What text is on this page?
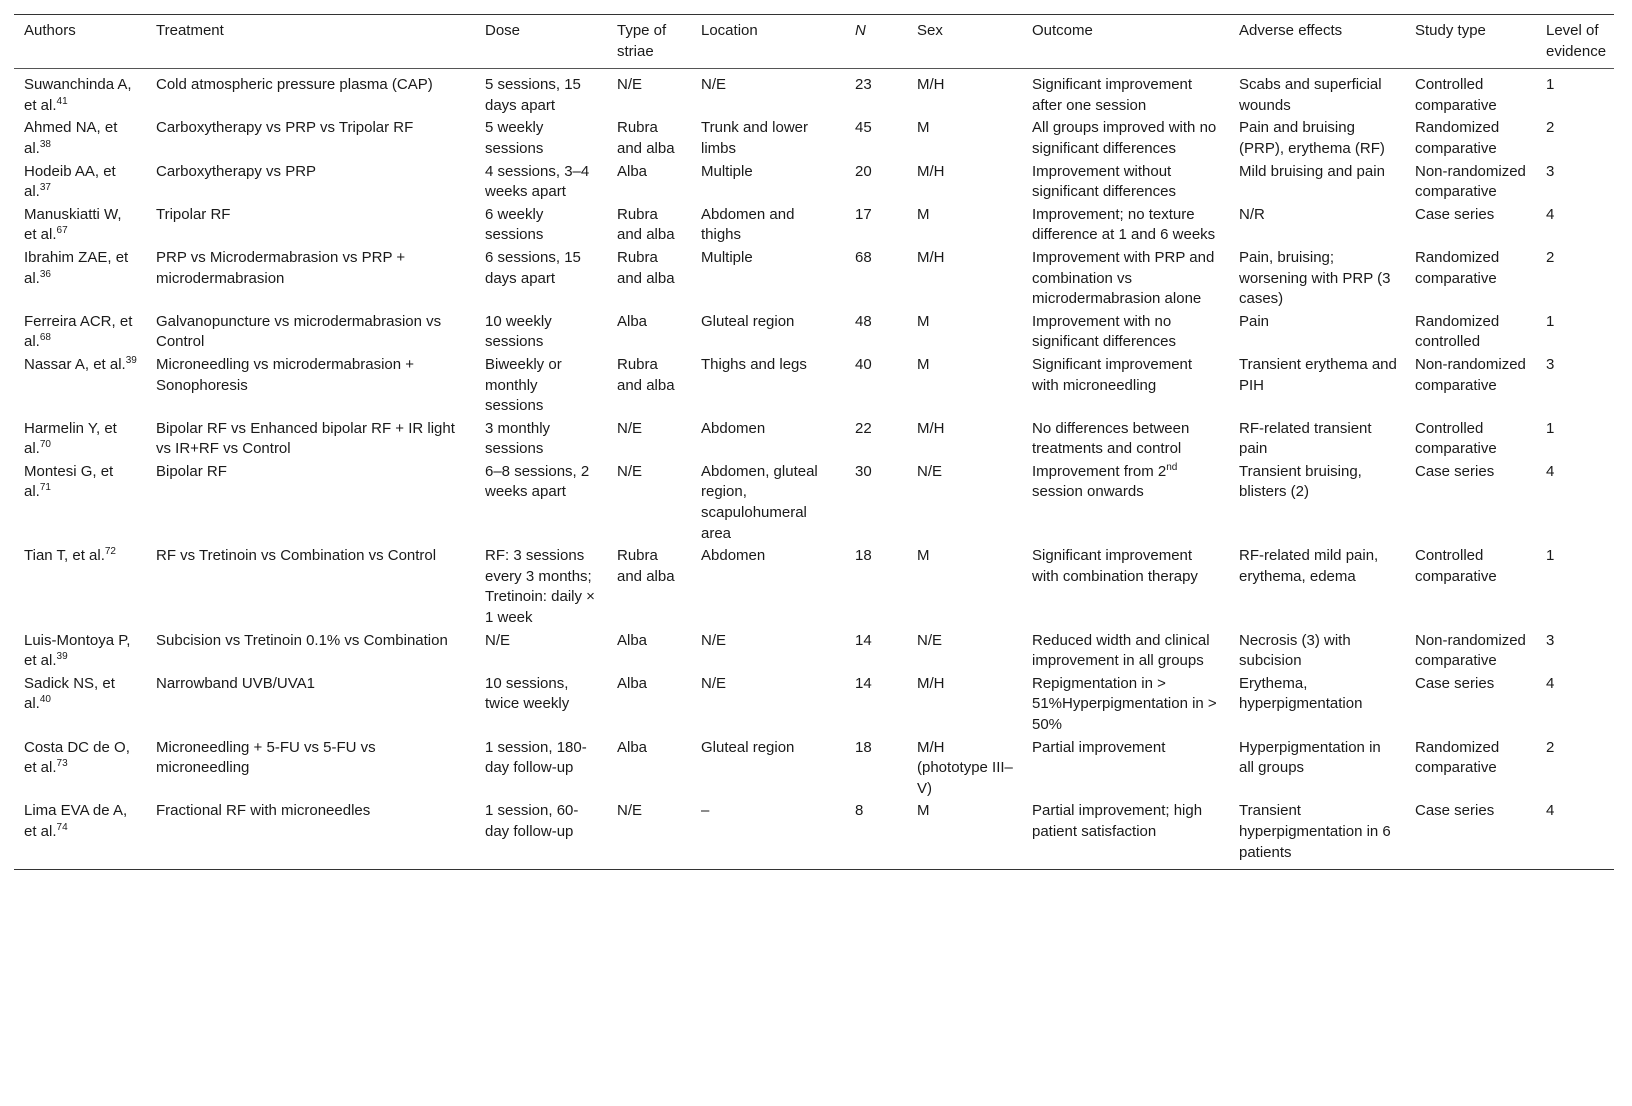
Authors	Treatment	Dose	Type of striae	Location	N	Sex	Outcome	Adverse effects	Study type	Level of evidence
Suwanchinda A, et al.$^{41}$	Cold atmospheric pressure plasma (CAP)	5 sessions, 15 days apart	N/E	N/E	23	M/H	Significant improvement after one session	Scabs and superficial wounds	Controlled comparative	1
Ahmed NA, et al.$^{38}$	Carboxytherapy vs PRP vs Tripolar RF	5 weekly sessions	Rubra and alba	Trunk and lower limbs	45	M	All groups improved with no significant differences	Pain and bruising (PRP), erythema (RF)	Randomized comparative	2
Hodeib AA, et al.$^{37}$	Carboxytherapy vs PRP	4 sessions, 3–4 weeks apart	Alba	Multiple	20	M/H	Improvement without significant differences	Mild bruising and pain	Non-randomized comparative	3
Manuskiatti W, et al.$^{67}$	Tripolar RF	6 weekly sessions	Rubra and alba	Abdomen and thighs	17	M	Improvement; no texture difference at 1 and 6 weeks	N/R	Case series	4
Ibrahim ZAE, et al.$^{36}$	PRP vs Microdermabrasion vs PRP + microdermabrasion	6 sessions, 15 days apart	Rubra and alba	Multiple	68	M/H	Improvement with PRP and combination vs microdermabrasion alone	Pain, bruising; worsening with PRP (3 cases)	Randomized comparative	2
Ferreira ACR, et al.$^{68}$	Galvanopuncture vs microdermabrasion vs Control	10 weekly sessions	Alba	Gluteal region	48	M	Improvement with no significant differences	Pain	Randomized controlled	1
Nassar A, et al.$^{39}$	Microneedling vs microdermabrasion + Sonophoresis	Biweekly or monthly sessions	Rubra and alba	Thighs and legs	40	M	Significant improvement with microneedling	Transient erythema and PIH	Non-randomized comparative	3
Harmelin Y, et al.$^{70}$	Bipolar RF vs Enhanced bipolar RF + IR light vs IR+RF vs Control	3 monthly sessions	N/E	Abdomen	22	M/H	No differences between treatments and control	RF-related transient pain	Controlled comparative	1
Montesi G, et al.$^{71}$	Bipolar RF	6–8 sessions, 2 weeks apart	N/E	Abdomen, gluteal region, scapulohumeral area	30	N/E	Improvement from 2nd session onwards	Transient bruising, blisters (2)	Case series	4
Tian T, et al.$^{72}$	RF vs Tretinoin vs Combination vs Control	RF: 3 sessions every 3 months; Tretinoin: daily × 1 week	Rubra and alba	Abdomen	18	M	Significant improvement with combination therapy	RF-related mild pain, erythema, edema	Controlled comparative	1
Luis-Montoya P, et al.$^{39}$	Subcision vs Tretinoin 0.1% vs Combination	N/E	Alba	N/E	14	N/E	Reduced width and clinical improvement in all groups	Necrosis (3) with subcision	Non-randomized comparative	3
Sadick NS, et al.$^{40}$	Narrowband UVB/UVA1	10 sessions, twice weekly	Alba	N/E	14	M/H	Repigmentation in > 51%Hyperpigmentation in > 50%	Erythema, hyperpigmentation	Case series	4
Costa DC de O, et al.$^{73}$	Microneedling + 5-FU vs 5-FU vs microneedling	1 session, 180-day follow-up	Alba	Gluteal region	18	M/H (phototype III–V)	Partial improvement	Hyperpigmentation in all groups	Randomized comparative	2
Lima EVA de A, et al.$^{74}$	Fractional RF with microneedles	1 session, 60-day follow-up	N/E	–	8	M	Partial improvement; high patient satisfaction	Transient hyperpigmentation in 6 patients	Case series	4
